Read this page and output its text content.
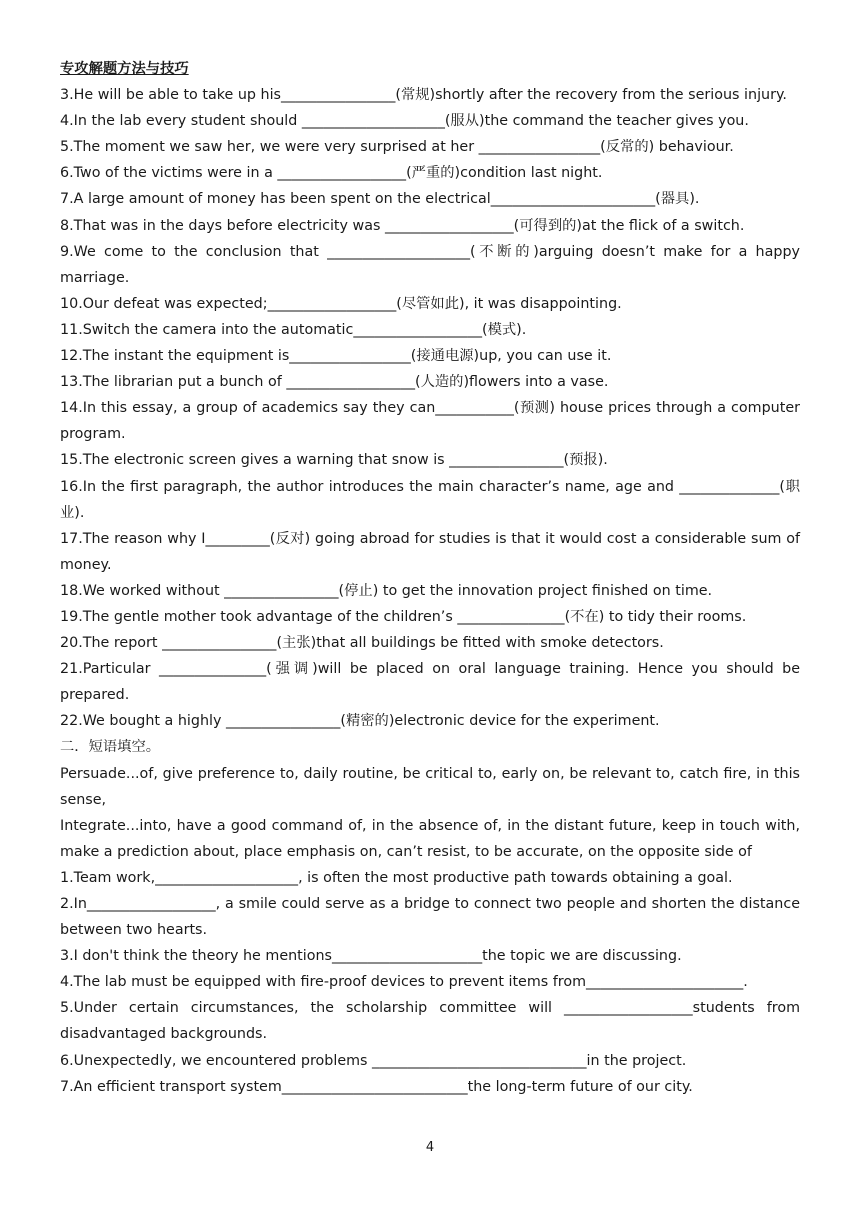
专攻解题方法与技巧
3.He will be able to take up his________________(常规)shortly after the recovery from the serious injury.
4.In the lab every student should ____________________(服从)the command the teacher gives you.
5.The moment we saw her, we were very surprised at her _________________(反常的) behaviour.
6.Two of the victims were in a __________________(严重的)condition last night.
7.A large amount of money has been spent on the electrical_______________________(器具).
8.That was in the days before electricity was __________________(可得到的)at the flick of a switch.
9.We come to the conclusion that ____________________(不断的)arguing doesn’t make for a happy marriage.
10.Our defeat was expected;__________________(尽管如此), it was disappointing.
11.Switch the camera into the automatic__________________(模式).
12.The instant the equipment is_________________(接通电源)up, you can use it.
13.The librarian put a bunch of __________________(人造的)flowers into a vase.
14.In this essay, a group of academics say they can___________(预测) house prices through a computer program.
15.The electronic screen gives a warning that snow is ________________(预报).
16.In the first paragraph, the author introduces the main character’s name, age and ______________(职业).
17.The reason why I_________(反对) going abroad for studies is that it would cost a considerable sum of money.
18.We worked without ________________(停止) to get the innovation project finished on time.
19.The gentle mother took advantage of the children’s _______________(不在) to tidy their rooms.
20.The report ________________(主张)that all buildings be fitted with smoke detectors.
21.Particular _______________(强调)will be placed on oral language training. Hence you should be prepared.
22.We bought a highly ________________(精密的)electronic device for the experiment.
二．短语填空。
Persuade...of, give preference to, daily routine, be critical to, early on, be relevant to, catch fire, in this sense,
Integrate...into, have a good command of, in the absence of, in the distant future, keep in touch with, make a prediction about, place emphasis on, can’t resist, to be accurate, on the opposite side of
1.Team work,____________________, is often the most productive path towards obtaining a goal.
2.In__________________, a smile could serve as a bridge to connect two people and shorten the distance between two hearts.
3.I don't think the theory he mentions_____________________the topic we are discussing.
4.The lab must be equipped with fire-proof devices to prevent items from______________________.
5.Under certain circumstances, the scholarship committee will __________________students from disadvantaged backgrounds.
6.Unexpectedly, we encountered problems ______________________________in the project.
7.An efficient transport system__________________________the long-term future of our city.
4
